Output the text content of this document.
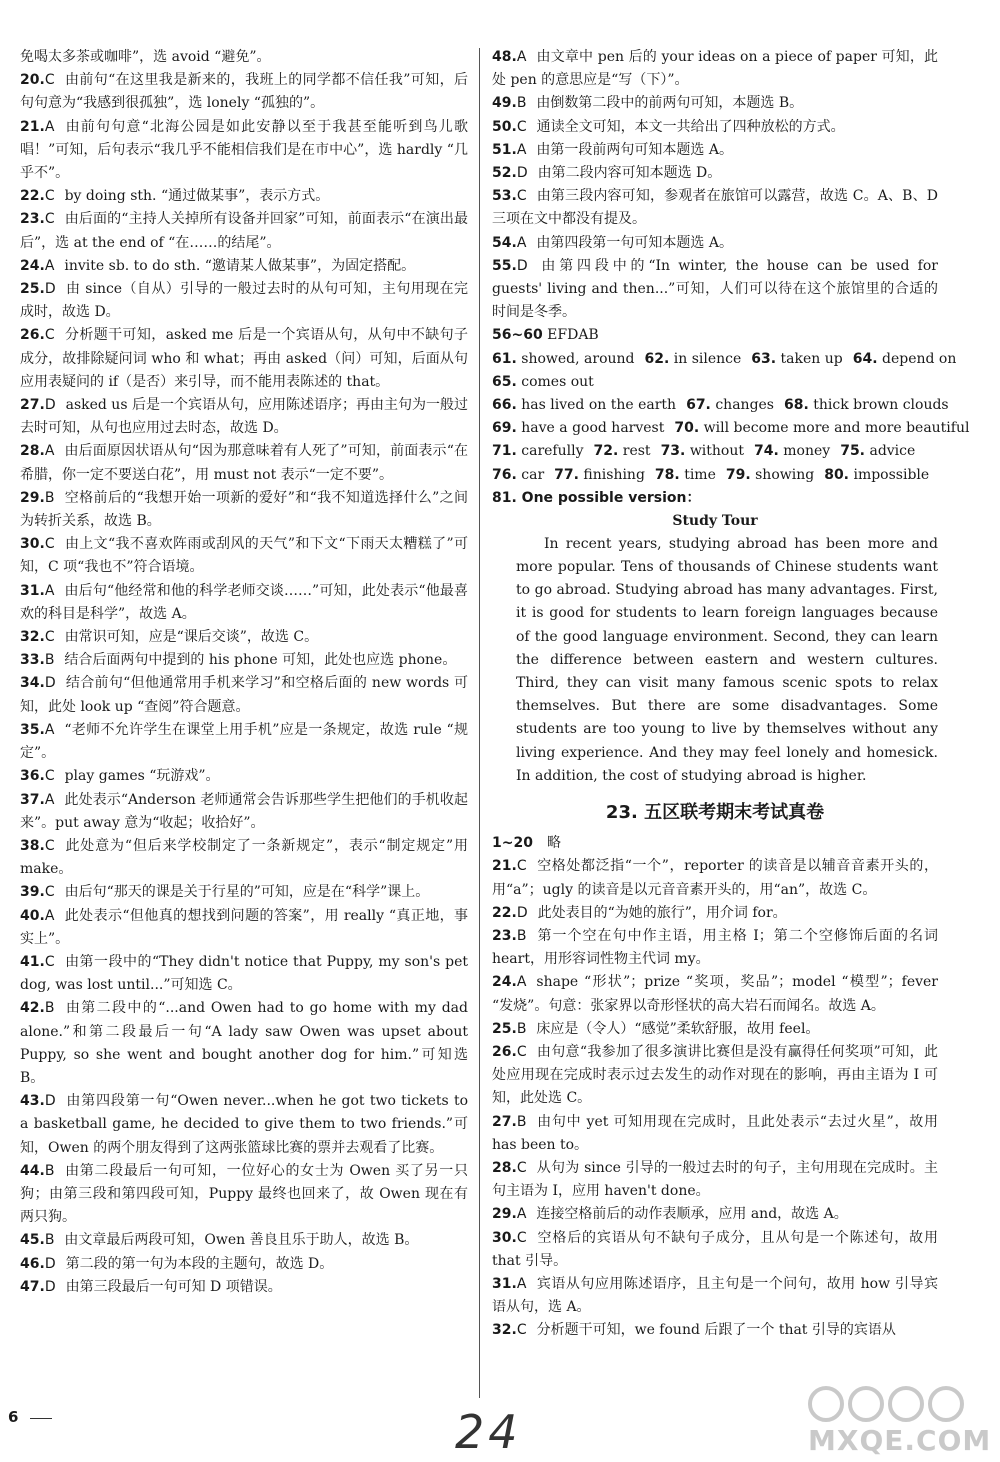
免喝太多茶或咖啡”，选 avoid “避免”。

20.C 由前句“在这里我是新来的，我班上的同学都不信任我”可知，后句句意为“我感到很孤独”，选 lonely “孤独的”。

21.A 由前句句意“北海公园是如此安静以至于我甚至能听到鸟儿歌唱！”可知，后句表示“我几乎不能相信我们是在市中心”，选 hardly “几乎不”。

22.C by doing sth. “通过做某事”，表示方式。

23.C 由后面的“主持人关掉所有设备并回家”可知，前面表示“在演出最后”，选 at the end of “在……的结尾”。

24.A invite sb. to do sth. “邀请某人做某事”，为固定搭配。

25.D 由 since（自从）引导的一般过去时的从句可知，主句用现在完成时，故选 D。

26.C 分析题干可知，asked me 后是一个宾语从句，从句中不缺句子成分，故排除疑问词 who 和 what；再由 asked（问）可知，后面从句应用表疑问的 if（是否）来引导，而不能用表陈述的 that。

27.D asked us 后是一个宾语从句，应用陈述语序；再由主句为一般过去时可知，从句也应用过去时态，故选 D。

28.A 由后面原因状语从句“因为那意味着有人死了”可知，前面表示“在希腊，你一定不要送白花”，用 must not 表示“一定不要”。

29.B 空格前后的“我想开始一项新的爱好”和“我不知道选择什么”之间为转折关系，故选 B。

30.C 由上文“我不喜欢阵雨或刮风的天气”和下文“下雨天太糟糕了”可知，C 项“我也不”符合语境。

31.A 由后句“他经常和他的科学老师交谈……”可知，此处表示“他最喜欢的科目是科学”，故选 A。

32.C 由常识可知，应是“课后交谈”，故选 C。

33.B 结合后面两句中提到的 his phone 可知，此处也应选 phone。

34.D 结合前句“但他通常用手机来学习”和空格后面的 new words 可知，此处 look up “查阅”符合题意。

35.A “老师不允许学生在课堂上用手机”应是一条规定，故选 rule “规定”。

36.C play games “玩游戏”。

37.A 此处表示“Anderson 老师通常会告诉那些学生把他们的手机收起来”。put away 意为“收起；收拾好”。

38.C 此处意为“但后来学校制定了一条新规定”，表示“制定规定”用 make。

39.C 由后句“那天的课是关于行星的”可知，应是在“科学”课上。

40.A 此处表示“但他真的想找到问题的答案”，用 really “真正地，事实上”。

41.C 由第一段中的“They didn't notice that Puppy, my son's pet dog, was lost until...”可知选 C。

42.B 由第二段中的“...and Owen had to go home with my dad alone.”和第二段最后一句“A lady saw Owen was upset about Puppy, so she went and bought another dog for him.”可知选 B。

43.D 由第四段第一句“Owen never...when he got two tickets to a basketball game, he decided to give them to two friends.”可知，Owen 的两个朋友得到了这两张篮球比赛的票并去观看了比赛。

44.B 由第二段最后一句可知，一位好心的女士为 Owen 买了另一只狗；由第三段和第四段可知，Puppy 最终也回来了，故 Owen 现在有两只狗。

45.B 由文章最后两段可知，Owen 善良且乐于助人，故选 B。

46.D 第二段的第一句为本段的主题句，故选 D。

47.D 由第三段最后一句可知 D 项错误。

48.A 由文章中 pen 后的 your ideas on a piece of paper 可知，此处 pen 的意思应是“写（下）”。

49.B 由倒数第二段中的前两句可知，本题选 B。

50.C 通读全文可知，本文一共给出了四种放松的方式。

51.A 由第一段前两句可知本题选 A。

52.D 由第二段内容可知本题选 D。

53.C 由第三段内容可知，参观者在旅馆可以露营，故选 C。A、B、D 三项在文中都没有提及。

54.A 由第四段第一句可知本题选 A。

55.D 由第四段中的“In winter, the house can be used for guests' living and then...”可知，人们可以待在这个旅馆里的合适的时间是冬季。

56~60 EFDAB

61. showed, around 62. in silence 63. taken up 64. depend on

65. comes out

66. has lived on the earth 67. changes 68. thick brown clouds

69. have a good harvest 70. will become more and more beautiful

71. carefully 72. rest 73. without 74. money 75. advice

76. car 77. finishing 78. time 79. showing 80. impossible

81. One possible version：

Study Tour

In recent years, studying abroad has been more and more popular. Tens of thousands of Chinese students want to go abroad. Studying abroad has many advantages. First, it is good for students to learn foreign languages because of the good language environment. Second, they can learn the difference between eastern and western cultures. Third, they can visit many famous scenic spots to relax themselves. But there are some disadvantages. Some students are too young to live by themselves without any living experience. And they may feel lonely and homesick. In addition, the cost of studying abroad is higher.

23. 五区联考期末考试真卷

1~20  略

21.C 空格处都泛指“一个”，reporter 的读音是以辅音音素开头的，用“a”；ugly 的读音是以元音音素开头的，用“an”，故选 C。

22.D 此处表目的“为她的旅行”，用介词 for。

23.B 第一个空在句中作主语，用主格 I；第二个空修饰后面的名词 heart，用形容词性物主代词 my。

24.A shape “形状”；prize “奖项，奖品”；model “模型”；fever “发烧”。句意：张家界以奇形怪状的高大岩石而闻名。故选 A。

25.B 床应是（令人）“感觉”柔软舒服，故用 feel。

26.C 由句意“我参加了很多演讲比赛但是没有赢得任何奖项”可知，此处应用现在完成时表示过去发生的动作对现在的影响，再由主语为 I 可知，此处选 C。

27.B 由句中 yet 可知用现在完成时，且此处表示“去过火星”，故用 has been to。

28.C 从句为 since 引导的一般过去时的句子，主句用现在完成时。主句主语为 I，应用 haven't done。

29.A 连接空格前后的动作表顺承，应用 and，故选 A。

30.C 空格后的宾语从句不缺句子成分，且从句是一个陈述句，故用 that 引导。

31.A 宾语从句应用陈述语序，且主句是一个问句，故用 how 引导宾语从句，选 A。

32.C 分析题干可知，we found 后跟了一个 that 引导的宾语从

6	24	MXQE.COM
